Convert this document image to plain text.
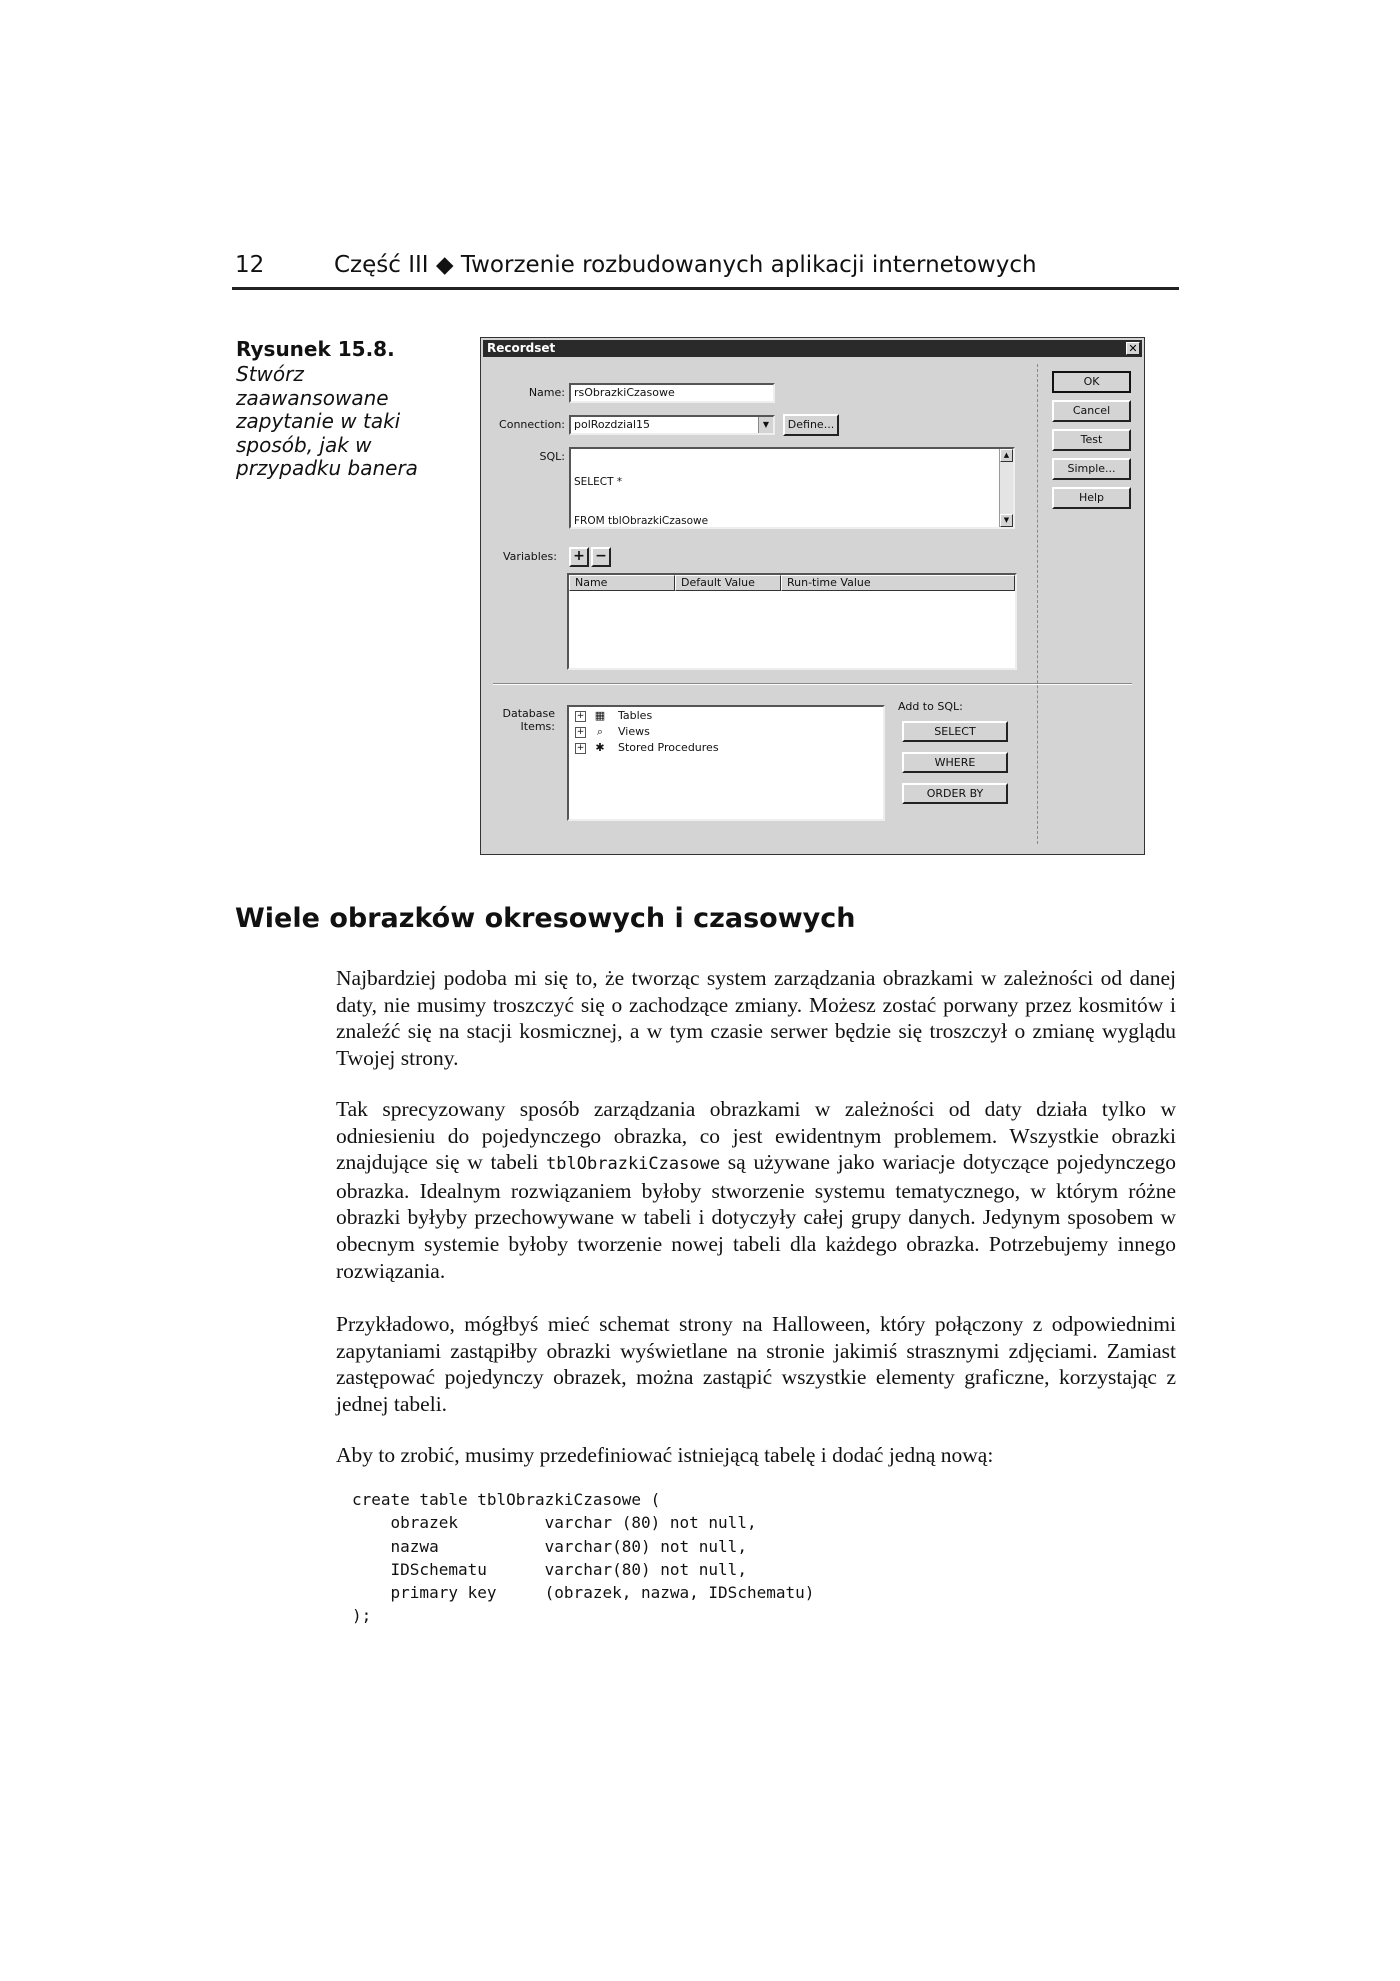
12	Część III ◆ Tworzenie rozbudowanych aplikacji internetowych
Rysunek 15.8.
Stwórz zaawansowane zapytanie w taki sposób, jak w przypadku banera
Recordset	✕
Name: rsObrazkiCzasowe
Connection: polRozdzial15	▼	Define...
SQL:

SELECT *

FROM tblObrazkiCzasowe

▲

▼

Variables: + −
Name	Default Value	Run-time Value
Database
Items:
+ ▦ Tables
+ ⌕ Views
+ ✱ Stored Procedures
Add to SQL:
SELECT
WHERE
ORDER BY
OK
Cancel
Test
Simple...
Help
Wiele obrazków okresowych i czasowych
Najbardziej podoba mi się to, że tworząc system zarządzania obrazkami w zależności od danej daty, nie musimy troszczyć się o zachodzące zmiany. Możesz zostać porwany przez kosmitów i znaleźć się na stacji kosmicznej, a w tym czasie serwer będzie się troszczył o zmianę wyglądu Twojej strony.
Tak sprecyzowany sposób zarządzania obrazkami w zależności od daty działa tylko w odniesieniu do pojedynczego obrazka, co jest ewidentnym problemem. Wszystkie obrazki znajdujące się w tabeli tblObrazkiCzasowe są używane jako wariacje dotyczące pojedynczego obrazka. Idealnym rozwiązaniem byłoby stworzenie systemu tematycznego, w którym różne obrazki byłyby przechowywane w tabeli i dotyczyły całej grupy danych. Jedynym sposobem w obecnym systemie byłoby tworzenie nowej tabeli dla każdego obrazka. Potrzebujemy innego rozwiązania.
Przykładowo, mógłbyś mieć schemat strony na Halloween, który połączony z odpowiednimi zapytaniami zastąpiłby obrazki wyświetlane na stronie jakimiś strasznymi zdjęciami. Zamiast zastępować pojedynczy obrazek, można zastąpić wszystkie elementy graficzne, korzystając z jednej tabeli.
Aby to zrobić, musimy przedefiniować istniejącą tabelę i dodać jedną nową:
create table tblObrazkiCzasowe (
obrazek         varchar (80) not null,
nazwa           varchar(80) not null,
IDSchematu      varchar(80) not null,
primary key     (obrazek, nazwa, IDSchematu)
);
